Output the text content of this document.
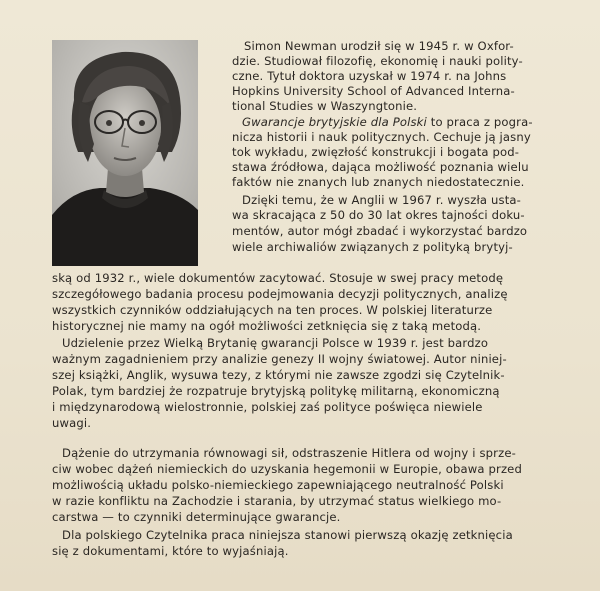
Simon Newman urodził się w 1945 r. w Oxfor-
dzie. Studiował filozofię, ekonomię i nauki polity-
czne. Tytuł doktora uzyskał w 1974 r. na Johns
Hopkins University School of Advanced Interna-
tional Studies w Waszyngtonie.
Gwarancje brytyjskie dla Polski to praca z pogra-
nicza historii i nauk politycznych. Cechuje ją jasny
tok wykładu, zwięzłość konstrukcji i bogata pod-
stawa źródłowa, dająca możliwość poznania wielu
faktów nie znanych lub znanych niedostatecznie.
Dzięki temu, że w Anglii w 1967 r. wyszła usta-
wa skracająca z 50 do 30 lat okres tajności doku-
mentów, autor mógł zbadać i wykorzystać bardzo
wiele archiwaliów związanych z polityką brytyj-
ską od 1932 r., wiele dokumentów zacytować. Stosuje w swej pracy metodę
szczegółowego badania procesu podejmowania decyzji politycznych, analizę
wszystkich czynników oddziałujących na ten proces. W polskiej literaturze
historycznej nie mamy na ogół możliwości zetknięcia się z taką metodą.
Udzielenie przez Wielką Brytanię gwarancji Polsce w 1939 r. jest bardzo
ważnym zagadnieniem przy analizie genezy II wojny światowej. Autor niniej-
szej książki, Anglik, wysuwa tezy, z którymi nie zawsze zgodzi się Czytelnik-
Polak, tym bardziej że rozpatruje brytyjską politykę militarną, ekonomiczną
i międzynarodową wielostronnie, polskiej zaś polityce poświęca niewiele
uwagi.
Dążenie do utrzymania równowagi sił, odstraszenie Hitlera od wojny i sprze-
ciw wobec dążeń niemieckich do uzyskania hegemonii w Europie, obawa przed
możliwością układu polsko-niemieckiego zapewniającego neutralność Polski
w razie konfliktu na Zachodzie i starania, by utrzymać status wielkiego mo-
carstwa — to czynniki determinujące gwarancje.
Dla polskiego Czytelnika praca niniejsza stanowi pierwszą okazję zetknięcia
się z dokumentami, które to wyjaśniają.
